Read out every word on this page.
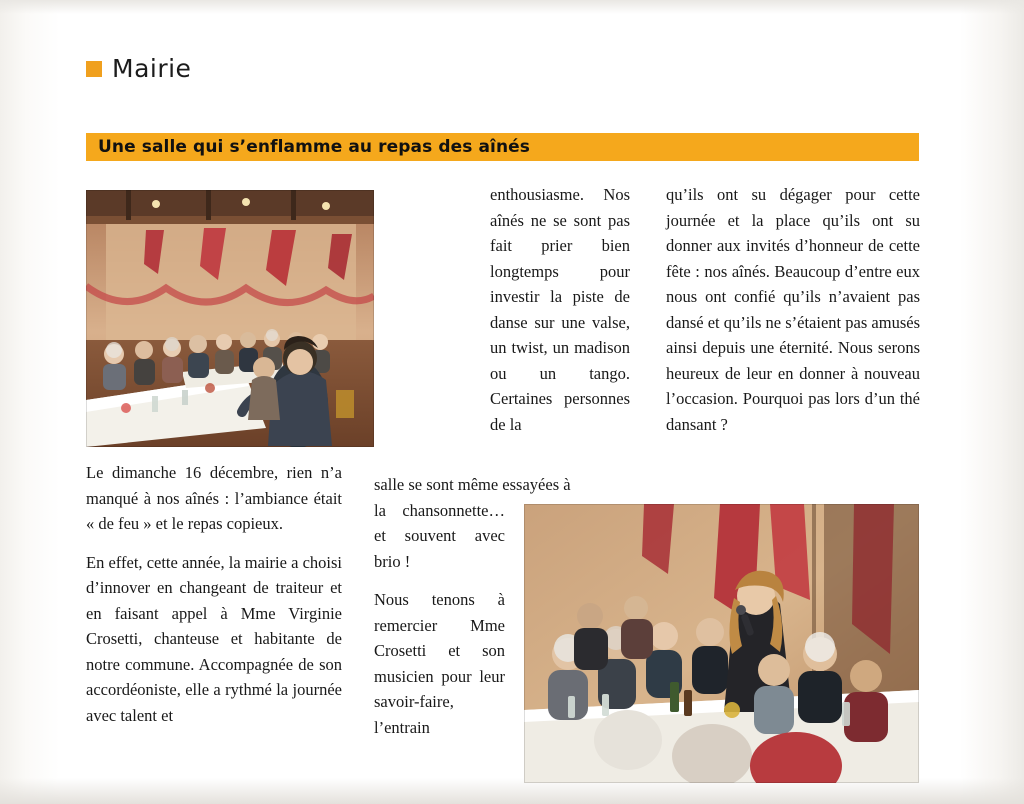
Mairie
Une salle qui s’enflamme au repas des aînés

Le dimanche 16 décembre, rien n’a manqué à nos aînés : l’ambiance était « de feu » et le repas copieux.

En effet, cette année, la mairie a choisi d’innover en changeant de traiteur et en faisant appel à Mme Virginie Crosetti, chanteuse et habitante de notre commune. Accompagnée de son accordéoniste, elle a rythmé la journée avec talent et

enthousiasme. Nos aînés ne se sont pas fait prier bien longtemps pour investir la piste de danse sur une valse, un twist, un madison ou un tango. Certaines personnes de la

la chansonnette… et souvent avec brio !

Nous tenons à remercier Mme Crosetti et son musicien pour leur savoir-faire, l’entrain

qu’ils ont su dégager pour cette journée et la place qu’ils ont su donner aux invités d’honneur de cette fête : nos aînés. Beaucoup d’entre eux nous ont confié qu’ils n’avaient pas dansé et qu’ils ne s’étaient pas amusés ainsi depuis une éternité. Nous serons heureux de leur en donner à nouveau l’occasion. Pourquoi pas lors d’un thé dansant ?

salle se sont même essayées à
